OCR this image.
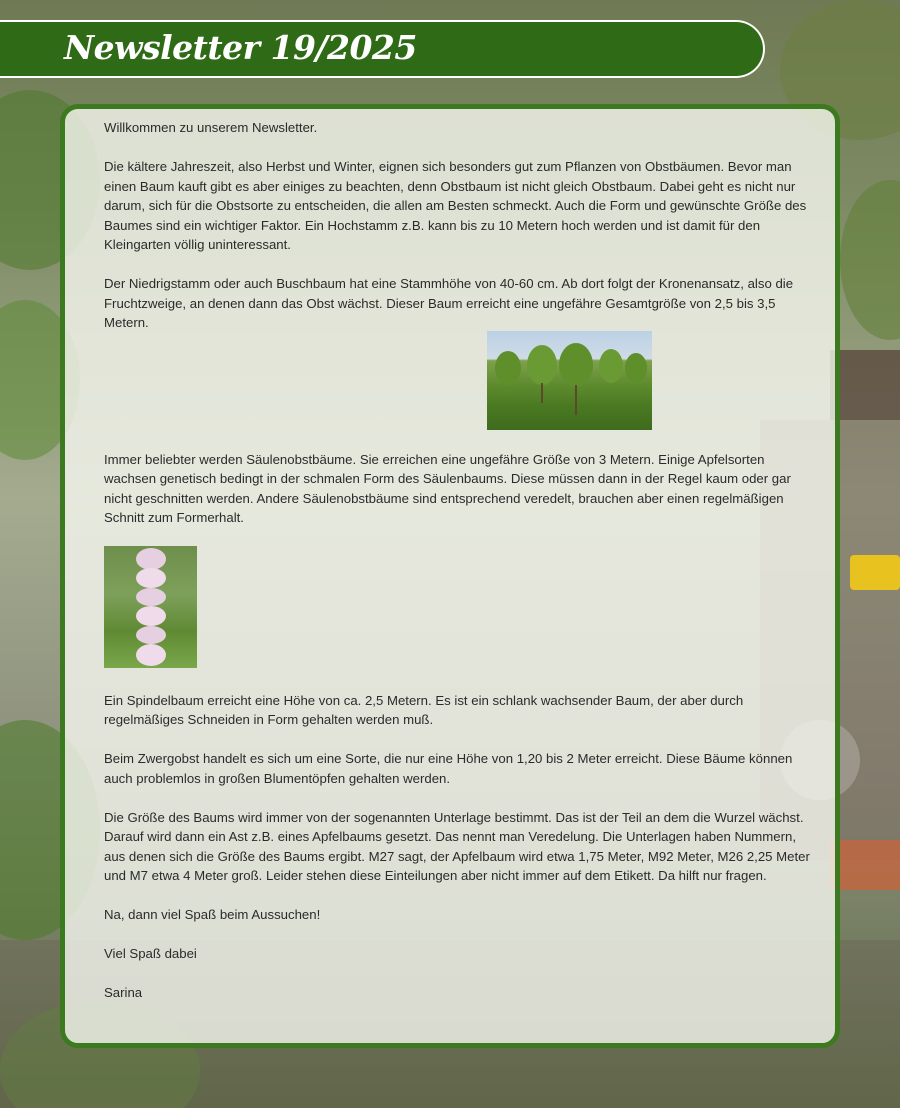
Newsletter 19/2025

Willkommen zu unserem Newsletter.

Die kältere Jahreszeit, also Herbst und Winter, eignen sich besonders gut zum Pflanzen von Obstbäumen. Bevor man einen Baum kauft gibt es aber einiges zu beachten, denn Obstbaum ist nicht gleich Obstbaum. Dabei geht es nicht nur darum, sich für die Obstsorte zu entscheiden, die allen am Besten schmeckt. Auch die Form und gewünschte Größe des Baumes sind ein wichtiger Faktor. Ein Hochstamm z.B. kann bis zu 10 Metern hoch werden und ist damit für den Kleingarten völlig uninteressant.

Der Niedrigstamm oder auch Buschbaum hat eine Stammhöhe von 40-60 cm. Ab dort folgt der Kronenansatz, also die Fruchtzweige, an denen dann das Obst wächst. Dieser Baum erreicht eine ungefähre Gesamtgröße von 2,5 bis 3,5 Metern.

Immer beliebter werden Säulenobstbäume. Sie erreichen eine ungefähre Größe von 3 Metern. Einige Apfelsorten wachsen genetisch bedingt in der schmalen Form des Säulenbaums. Diese müssen dann in der Regel kaum oder gar nicht geschnitten werden. Andere Säulenobstbäume sind entsprechend veredelt, brauchen aber einen regelmäßigen Schnitt zum Formerhalt.

Ein Spindelbaum erreicht eine Höhe von ca. 2,5 Metern. Es ist ein schlank wachsender Baum, der aber durch regelmäßiges Schneiden in Form gehalten werden muß.

Beim Zwergobst handelt es sich um eine Sorte, die nur eine Höhe von 1,20 bis 2 Meter erreicht. Diese Bäume können auch problemlos in großen Blumentöpfen gehalten werden.

Die Größe des Baums wird immer von der sogenannten Unterlage bestimmt. Das ist der Teil an dem die Wurzel wächst. Darauf wird dann ein Ast z.B. eines Apfelbaums gesetzt. Das nennt man Veredelung. Die Unterlagen haben Nummern, aus denen sich die Größe des Baums ergibt. M27 sagt, der Apfelbaum wird etwa 1,75 Meter, M92 Meter, M26 2,25 Meter und M7 etwa 4 Meter groß. Leider stehen diese Einteilungen aber nicht immer auf dem Etikett. Da hilft nur fragen.

Na, dann viel Spaß beim Aussuchen!

Viel Spaß dabei

Sarina
